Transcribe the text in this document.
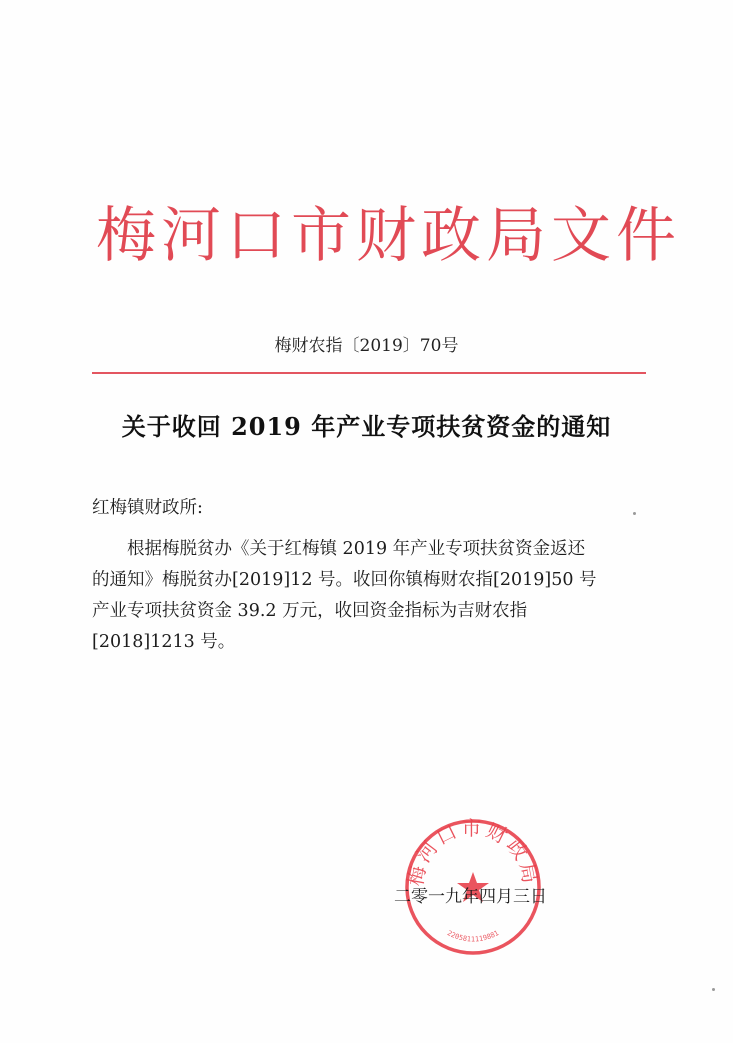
梅河口市财政局文件
梅财农指〔2019〕70号
关于收回 2019 年产业专项扶贫资金的通知
红梅镇财政所:
根据梅脱贫办《关于红梅镇 2019 年产业专项扶贫资金返还
的通知》梅脱贫办[2019]12 号。收回你镇梅财农指[2019]50 号
产业专项扶贫资金 39.2 万元，收回资金指标为吉财农指
[2018]1213 号。
梅河口市财政局
2205811119881
二零一九年四月三日
